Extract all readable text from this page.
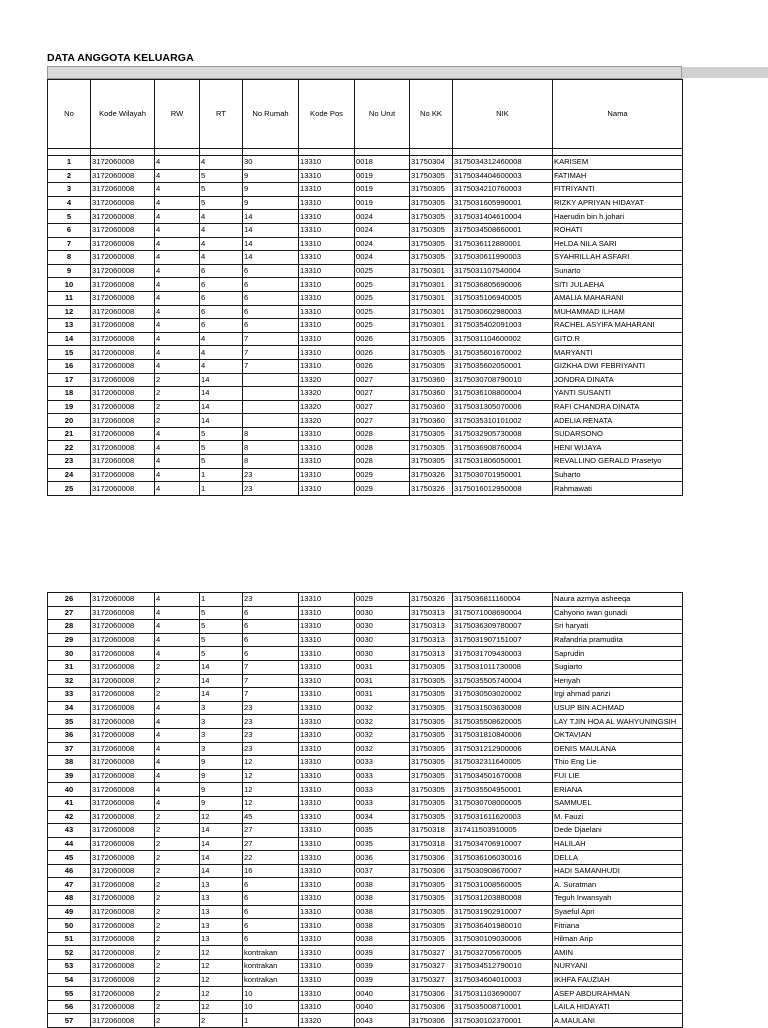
DATA ANGGOTA KELUARGA
No	Kode Wilayah	RW	RT	No Rumah	Kode Pos	No Urut	No KK	NIK	Nama

1	3172060008	4	4	30	13310	0018	31750304	3175034312460008	KARISEM
2	3172060008	4	5	9	13310	0019	31750305	3175034404600003	FATIMAH
3	3172060008	4	5	9	13310	0019	31750305	3175034210760003	FITRIYANTI
4	3172060008	4	5	9	13310	0019	31750305	3175031605990001	RIZKY APRIYAN HIDAYAT
5	3172060008	4	4	14	13310	0024	31750305	3175031404610004	Haerudin bin h.johari
6	3172060008	4	4	14	13310	0024	31750305	3175034508660001	ROHATI
7	3172060008	4	4	14	13310	0024	31750305	3175036112880001	HeLDA NILA SARI
8	3172060008	4	4	14	13310	0024	31750305	3175030611990003	SYAHRILLAH ASFARI
9	3172060008	4	6	6	13310	0025	31750301	3175031107540004	Sunarto
10	3172060008	4	6	6	13310	0025	31750301	3175036805690006	SITI JULAEHA
11	3172060008	4	6	6	13310	0025	31750301	3175035106940005	AMALIA MAHARANI
12	3172060008	4	6	6	13310	0025	31750301	3175030602980003	MUHAMMAD ILHAM
13	3172060008	4	6	6	13310	0025	31750301	3175035402091003	RACHEL ASYIFA MAHARANI
14	3172060008	4	4	7	13310	0026	31750305	3175031104600002	GITO.R
15	3172060008	4	4	7	13310	0026	31750305	3175035601670002	MARYANTI
16	3172060008	4	4	7	13310	0026	31750305	3175035602050001	GIZKHA DWI FEBRIYANTI
17	3172060008	2	14		13320	0027	31750360	3175030708790010	JONDRA DINATA
18	3172060008	2	14		13320	0027	31750360	3175036108800004	YANTI SUSANTI
19	3172060008	2	14		13320	0027	31750360	3175031305070006	RAFI CHANDRA DINATA
20	3172060008	2	14		13320	0027	31750360	3175035310101002	ADELIA RENATA
21	3172060008	4	5	8	13310	0028	31750305	3175032905730008	SUDARSONO
22	3172060008	4	5	8	13310	0028	31750305	3175036908760004	HENI WIJAYA
23	3172060008	4	5	8	13310	0028	31750305	3175031806050001	REVALLINO GERALD Prasetyo
24	3172060008	4	1	23	13310	0029	31750326	3175030701950001	Suharto
25	3172060008	4	1	23	13310	0029	31750326	3175016012950008	Rahmawati
26	3172060008	4	1	23	13310	0029	31750326	3175036811160004	Naura azmya asheeqa
27	3172060008	4	5	6	13310	0030	31750313	3175071008690004	Cahyono iwan gunadi
28	3172060008	4	5	6	13310	0030	31750313	3175036309780007	Sri haryati
29	3172060008	4	5	6	13310	0030	31750313	3175031907151007	Rafandria pramudita
30	3172060008	4	5	6	13310	0030	31750313	3175031709430003	Saprudin
31	3172060008	2	14	7	13310	0031	31750305	3175031011730008	Sugiarto
32	3172060008	2	14	7	13310	0031	31750305	3175035505740004	Heriyah
33	3172060008	2	14	7	13310	0031	31750305	3175030503020002	Irgi ahmad parizi
34	3172060008	4	3	23	13310	0032	31750305	3175031503630008	USUP BIN ACHMAD
35	3172060008	4	3	23	13310	0032	31750305	3175035508620005	LAY TJIN HOA AL WAHYUNINGSIH
36	3172060008	4	3	23	13310	0032	31750305	3175031810840006	OKTAVIAN
37	3172060008	4	3	23	13310	0032	31750305	3175031212900006	DENIS MAULANA
38	3172060008	4	9	12	13310	0033	31750305	3175032311640005	Thio Eng Lie
39	3172060008	4	9	12	13310	0033	31750305	3175034501670008	FUI LIE
40	3172060008	4	9	12	13310	0033	31750305	3175035504950001	ERIANA
41	3172060008	4	9	12	13310	0033	31750305	3175030708000005	SAMMUEL
42	3172060008	2	12	45	13310	0034	31750305	3175031611620003	M. Fauzi
43	3172060008	2	14	27	13310	0035	31750318	317411503910005	Dede Djaelani
44	3172060008	2	14	27	13310	0035	31750318	3175034706910007	HALILAH
45	3172060008	2	14	22	13310	0036	31750306	3175036106030016	DELLA
46	3172060008	2	14	16	13310	0037	31750306	3175030908670007	HADI SAMANHUDI
47	3172060008	2	13	6	13310	0038	31750305	3175031008560005	A. Suratman
48	3172060008	2	13	6	13310	0038	31750305	3175031203880008	Teguh Irwansyah
49	3172060008	2	13	6	13310	0038	31750305	3175031902910007	Syaeful Apri
50	3172060008	2	13	6	13310	0038	31750305	3175036401980010	Fitriana
51	3172060008	2	13	6	13310	0038	31750305	3175030109030006	Hilman Arip
52	3172060008	2	12	kontrakan	13310	0039	31750327	3175032705670005	AMIN
53	3172060008	2	12	kontrakan	13310	0039	31750327	3175034512790010	NURYANI
54	3172060008	2	12	kontrakan	13310	0039	31750327	3175034604010003	IKHFA FAUZIAH
55	3172060008	2	12	10	13310	0040	31750306	3175031103690007	ASEP ABDURAHMAN
56	3172060008	2	12	10	13310	0040	31750306	3175035008710001	LAILA HIDAYATI
57	3172060008	2	2	1	13320	0043	31750306	3175030102370001	A.MAULANI
